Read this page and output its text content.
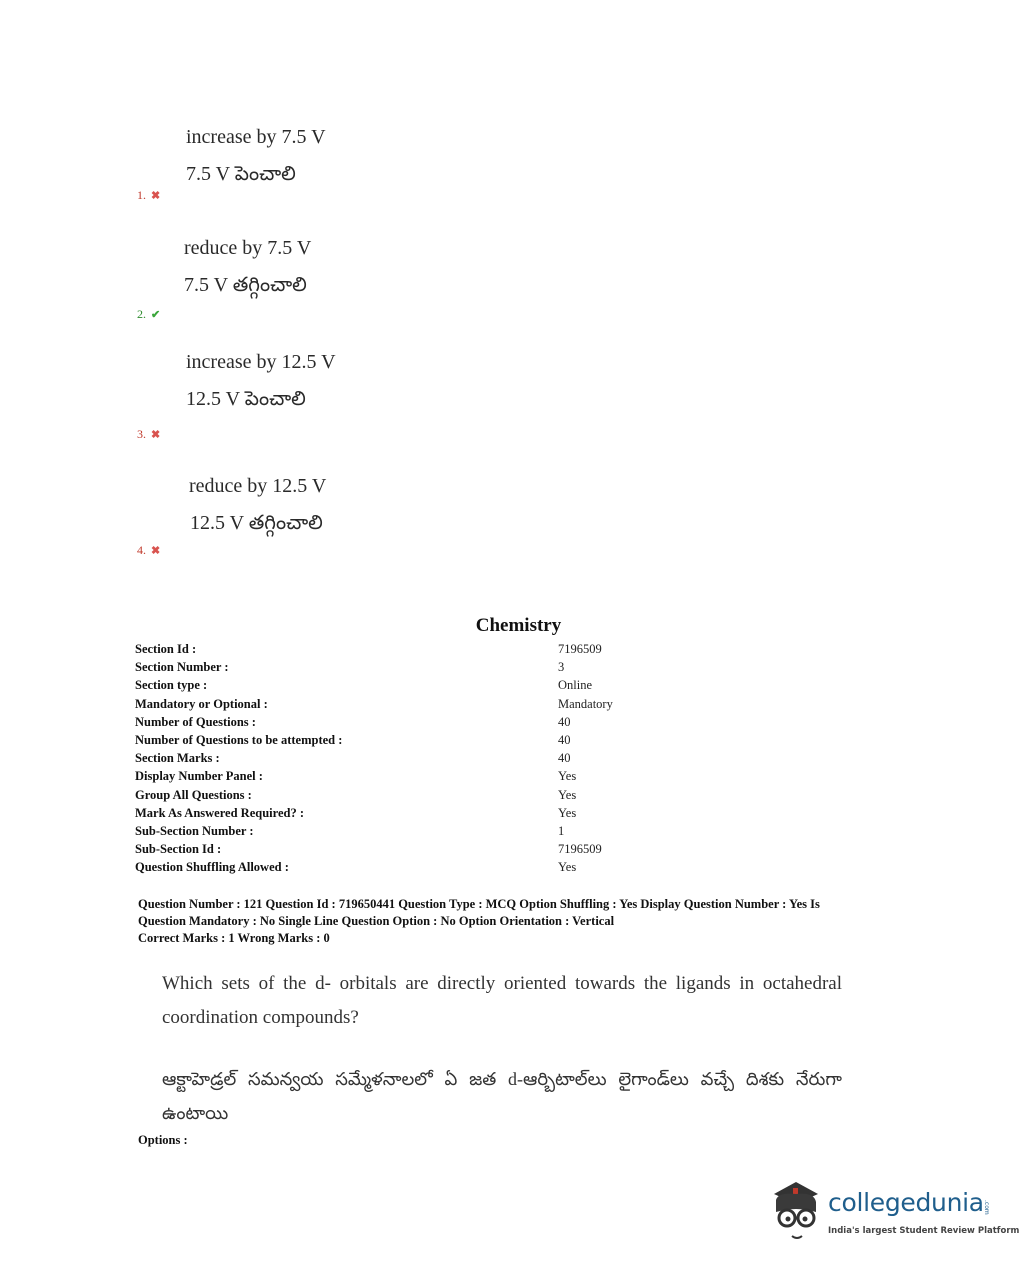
increase by 7.5 V
7.5 V పెంచాలి
1. ✖
reduce by 7.5 V
7.5 V తగ్గించాలి
2. ✔
increase by 12.5 V
12.5 V పెంచాలి
3. ✖
reduce by 12.5 V
12.5 V తగ్గించాలి
4. ✖
Chemistry
Section Id :	7196509
Section Number :	3
Section type :	Online
Mandatory or Optional :	Mandatory
Number of Questions :	40
Number of Questions to be attempted :	40
Section Marks :	40
Display Number Panel :	Yes
Group All Questions :	Yes
Mark As Answered Required? :	Yes
Sub-Section Number :	1
Sub-Section Id :	7196509
Question Shuffling Allowed :	Yes
Question Number : 121 Question Id : 719650441 Question Type : MCQ Option Shuffling : Yes Display Question Number : Yes Is
Question Mandatory : No Single Line Question Option : No Option Orientation : Vertical
Correct Marks : 1 Wrong Marks : 0
Which sets of the d- orbitals are directly oriented towards the ligands in octahedral coordination compounds?
ఆక్టాహెడ్రల్ సమన్వయ సమ్మేళనాలలో ఏ జత d-ఆర్బిటాల్‌లు లైగాండ్‌లు వచ్చే దిశకు నేరుగా ఉంటాయి
Options :
collegedunia .com
India's largest Student Review Platform
